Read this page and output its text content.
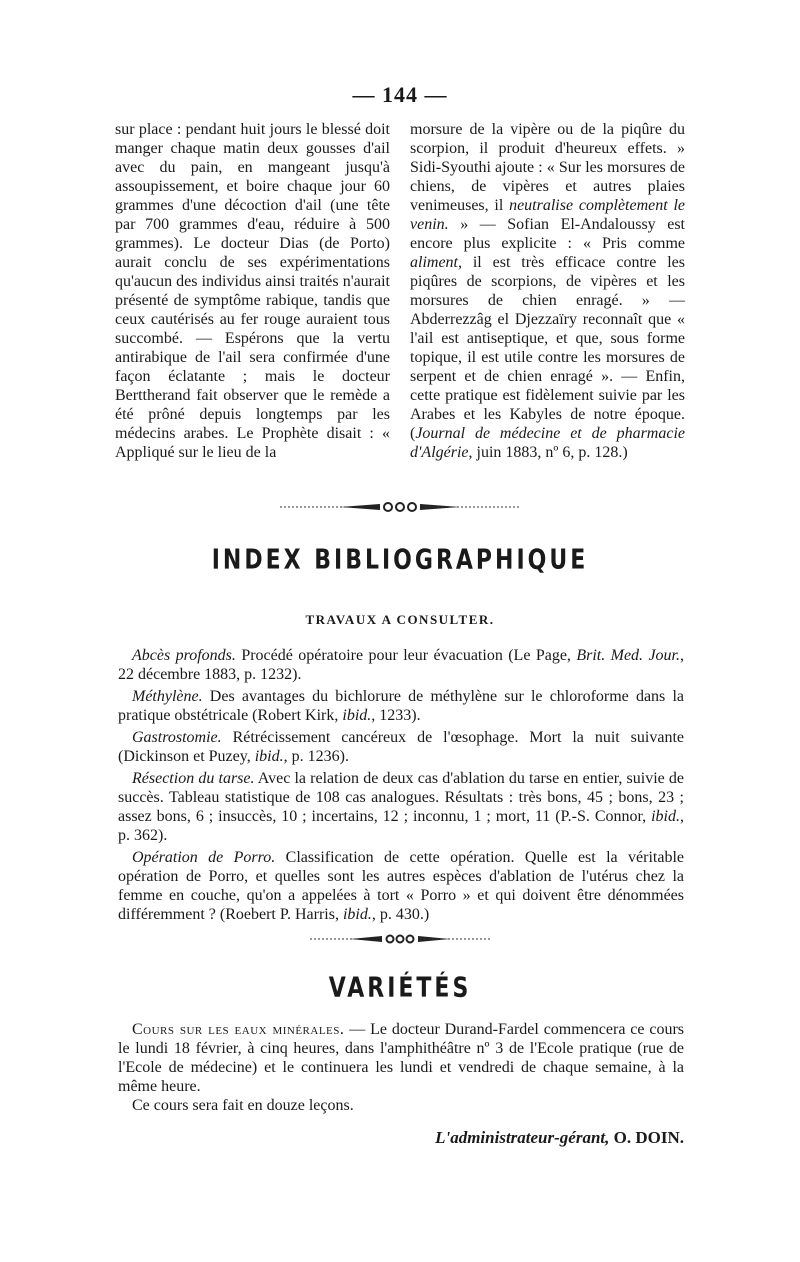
— 144 —

sur place : pendant huit jours le blessé doit manger chaque matin deux gousses d'ail avec du pain, en mangeant jusqu'à assoupissement, et boire chaque jour 60 grammes d'une décoction d'ail (une tête par 700 grammes d'eau, réduire à 500 grammes). Le docteur Dias (de Porto) aurait conclu de ses expérimentations qu'aucun des individus ainsi traités n'aurait présenté de symptôme rabique, tandis que ceux cautérisés au fer rouge auraient tous succombé. — Espérons que la vertu antirabique de l'ail sera confirmée d'une façon éclatante ; mais le docteur Berttherand fait observer que le remède a été prôné depuis longtemps par les médecins arabes. Le Prophète disait : « Appliqué sur le lieu de la

morsure de la vipère ou de la piqûre du scorpion, il produit d'heureux effets. » Sidi-Syouthi ajoute : « Sur les morsures de chiens, de vipères et autres plaies venimeuses, il neutralise complètement le venin. » — Sofian El-Andaloussy est encore plus explicite : « Pris comme aliment, il est très efficace contre les piqûres de scorpions, de vipères et les morsures de chien enragé. » — Abderrezzâg el Djezzaïry reconnaît que « l'ail est antiseptique, et que, sous forme topique, il est utile contre les morsures de serpent et de chien enragé ». — Enfin, cette pratique est fidèlement suivie par les Arabes et les Kabyles de notre époque. (Journal de médecine et de pharmacie d'Algérie, juin 1883, nº 6, p. 128.)

INDEX BIBLIOGRAPHIQUE
TRAVAUX A CONSULTER.

Abcès profonds. Procédé opératoire pour leur évacuation (Le Page, Brit. Med. Jour., 22 décembre 1883, p. 1232).

Méthylène. Des avantages du bichlorure de méthylène sur le chloroforme dans la pratique obstétricale (Robert Kirk, ibid., 1233).

Gastrostomie. Rétrécissement cancéreux de l'œsophage. Mort la nuit suivante (Dickinson et Puzey, ibid., p. 1236).

Résection du tarse. Avec la relation de deux cas d'ablation du tarse en entier, suivie de succès. Tableau statistique de 108 cas analogues. Résultats : très bons, 45 ; bons, 23 ; assez bons, 6 ; insuccès, 10 ; incertains, 12 ; inconnu, 1 ; mort, 11 (P.-S. Connor, ibid., p. 362).

Opération de Porro. Classification de cette opération. Quelle est la véritable opération de Porro, et quelles sont les autres espèces d'ablation de l'utérus chez la femme en couche, qu'on a appelées à tort « Porro » et qui doivent être dénommées différemment ? (Roebert P. Harris, ibid., p. 430.)

VARIÉTÉS

Cours sur les eaux minérales. — Le docteur Durand-Fardel commencera ce cours le lundi 18 février, à cinq heures, dans l'amphithéâtre nº 3 de l'Ecole pratique (rue de l'Ecole de médecine) et le continuera les lundi et vendredi de chaque semaine, à la même heure.

Ce cours sera fait en douze leçons.

L'administrateur-gérant, O. DOIN.
